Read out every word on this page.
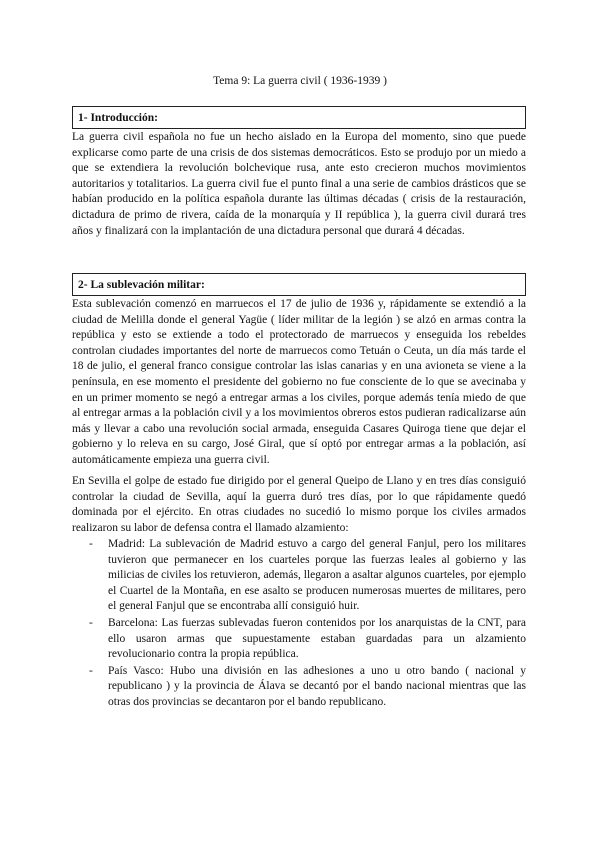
Tema 9: La guerra civil ( 1936-1939 )
1- Introducción:

La guerra civil española no fue un hecho aislado en la Europa del momento, sino que puede explicarse como parte de una crisis de dos sistemas democráticos. Esto se produjo por un miedo a que se extendiera la revolución bolchevique rusa, ante esto crecieron muchos movimientos autoritarios y totalitarios. La guerra civil fue el punto final a una serie de cambios drásticos que se habían producido en la política española durante las últimas décadas ( crisis de la restauración, dictadura de primo de rivera, caída de la monarquía y II república ), la guerra civil durará tres años y finalizará con la implantación de una dictadura personal que durará 4 décadas.

2- La sublevación militar:

Esta sublevación comenzó en marruecos el 17 de julio de 1936 y, rápidamente se extendió a la ciudad de Melilla donde el general Yagüe ( líder militar de la legión ) se alzó en armas contra la república y esto se extiende a todo el protectorado de marruecos y enseguida los rebeldes controlan ciudades importantes del norte de marruecos como Tetuán o Ceuta, un día más tarde el 18 de julio, el general franco consigue controlar las islas canarias y en una avioneta se viene a la península, en ese momento el presidente del gobierno no fue consciente de lo que se avecinaba y en un primer momento se negó a entregar armas a los civiles, porque además tenía miedo de que al entregar armas a la población civil y a los movimientos obreros estos pudieran radicalizarse aún más y llevar a cabo una revolución social armada, enseguida Casares Quiroga tiene que dejar el gobierno y lo releva en su cargo, José Giral, que sí optó por entregar armas a la población, así automáticamente empieza una guerra civil.

En Sevilla el golpe de estado fue dirigido por el general Queipo de Llano y en tres días consiguió controlar la ciudad de Sevilla, aquí la guerra duró tres días, por lo que rápidamente quedó dominada por el ejército. En otras ciudades no sucedió lo mismo porque los civiles armados realizaron su labor de defensa contra el llamado alzamiento:

- Madrid: La sublevación de Madrid estuvo a cargo del general Fanjul, pero los militares tuvieron que permanecer en los cuarteles porque las fuerzas leales al gobierno y las milicias de civiles los retuvieron, además, llegaron a asaltar algunos cuarteles, por ejemplo el Cuartel de la Montaña, en ese asalto se producen numerosas muertes de militares, pero el general Fanjul que se encontraba allí consiguió huir.
- Barcelona: Las fuerzas sublevadas fueron contenidos por los anarquistas de la CNT, para ello usaron armas que supuestamente estaban guardadas para un alzamiento revolucionario contra la propia república.
- País Vasco: Hubo una división en las adhesiones a uno u otro bando ( nacional y republicano ) y la provincia de Álava se decantó por el bando nacional mientras que las otras dos provincias se decantaron por el bando republicano.
